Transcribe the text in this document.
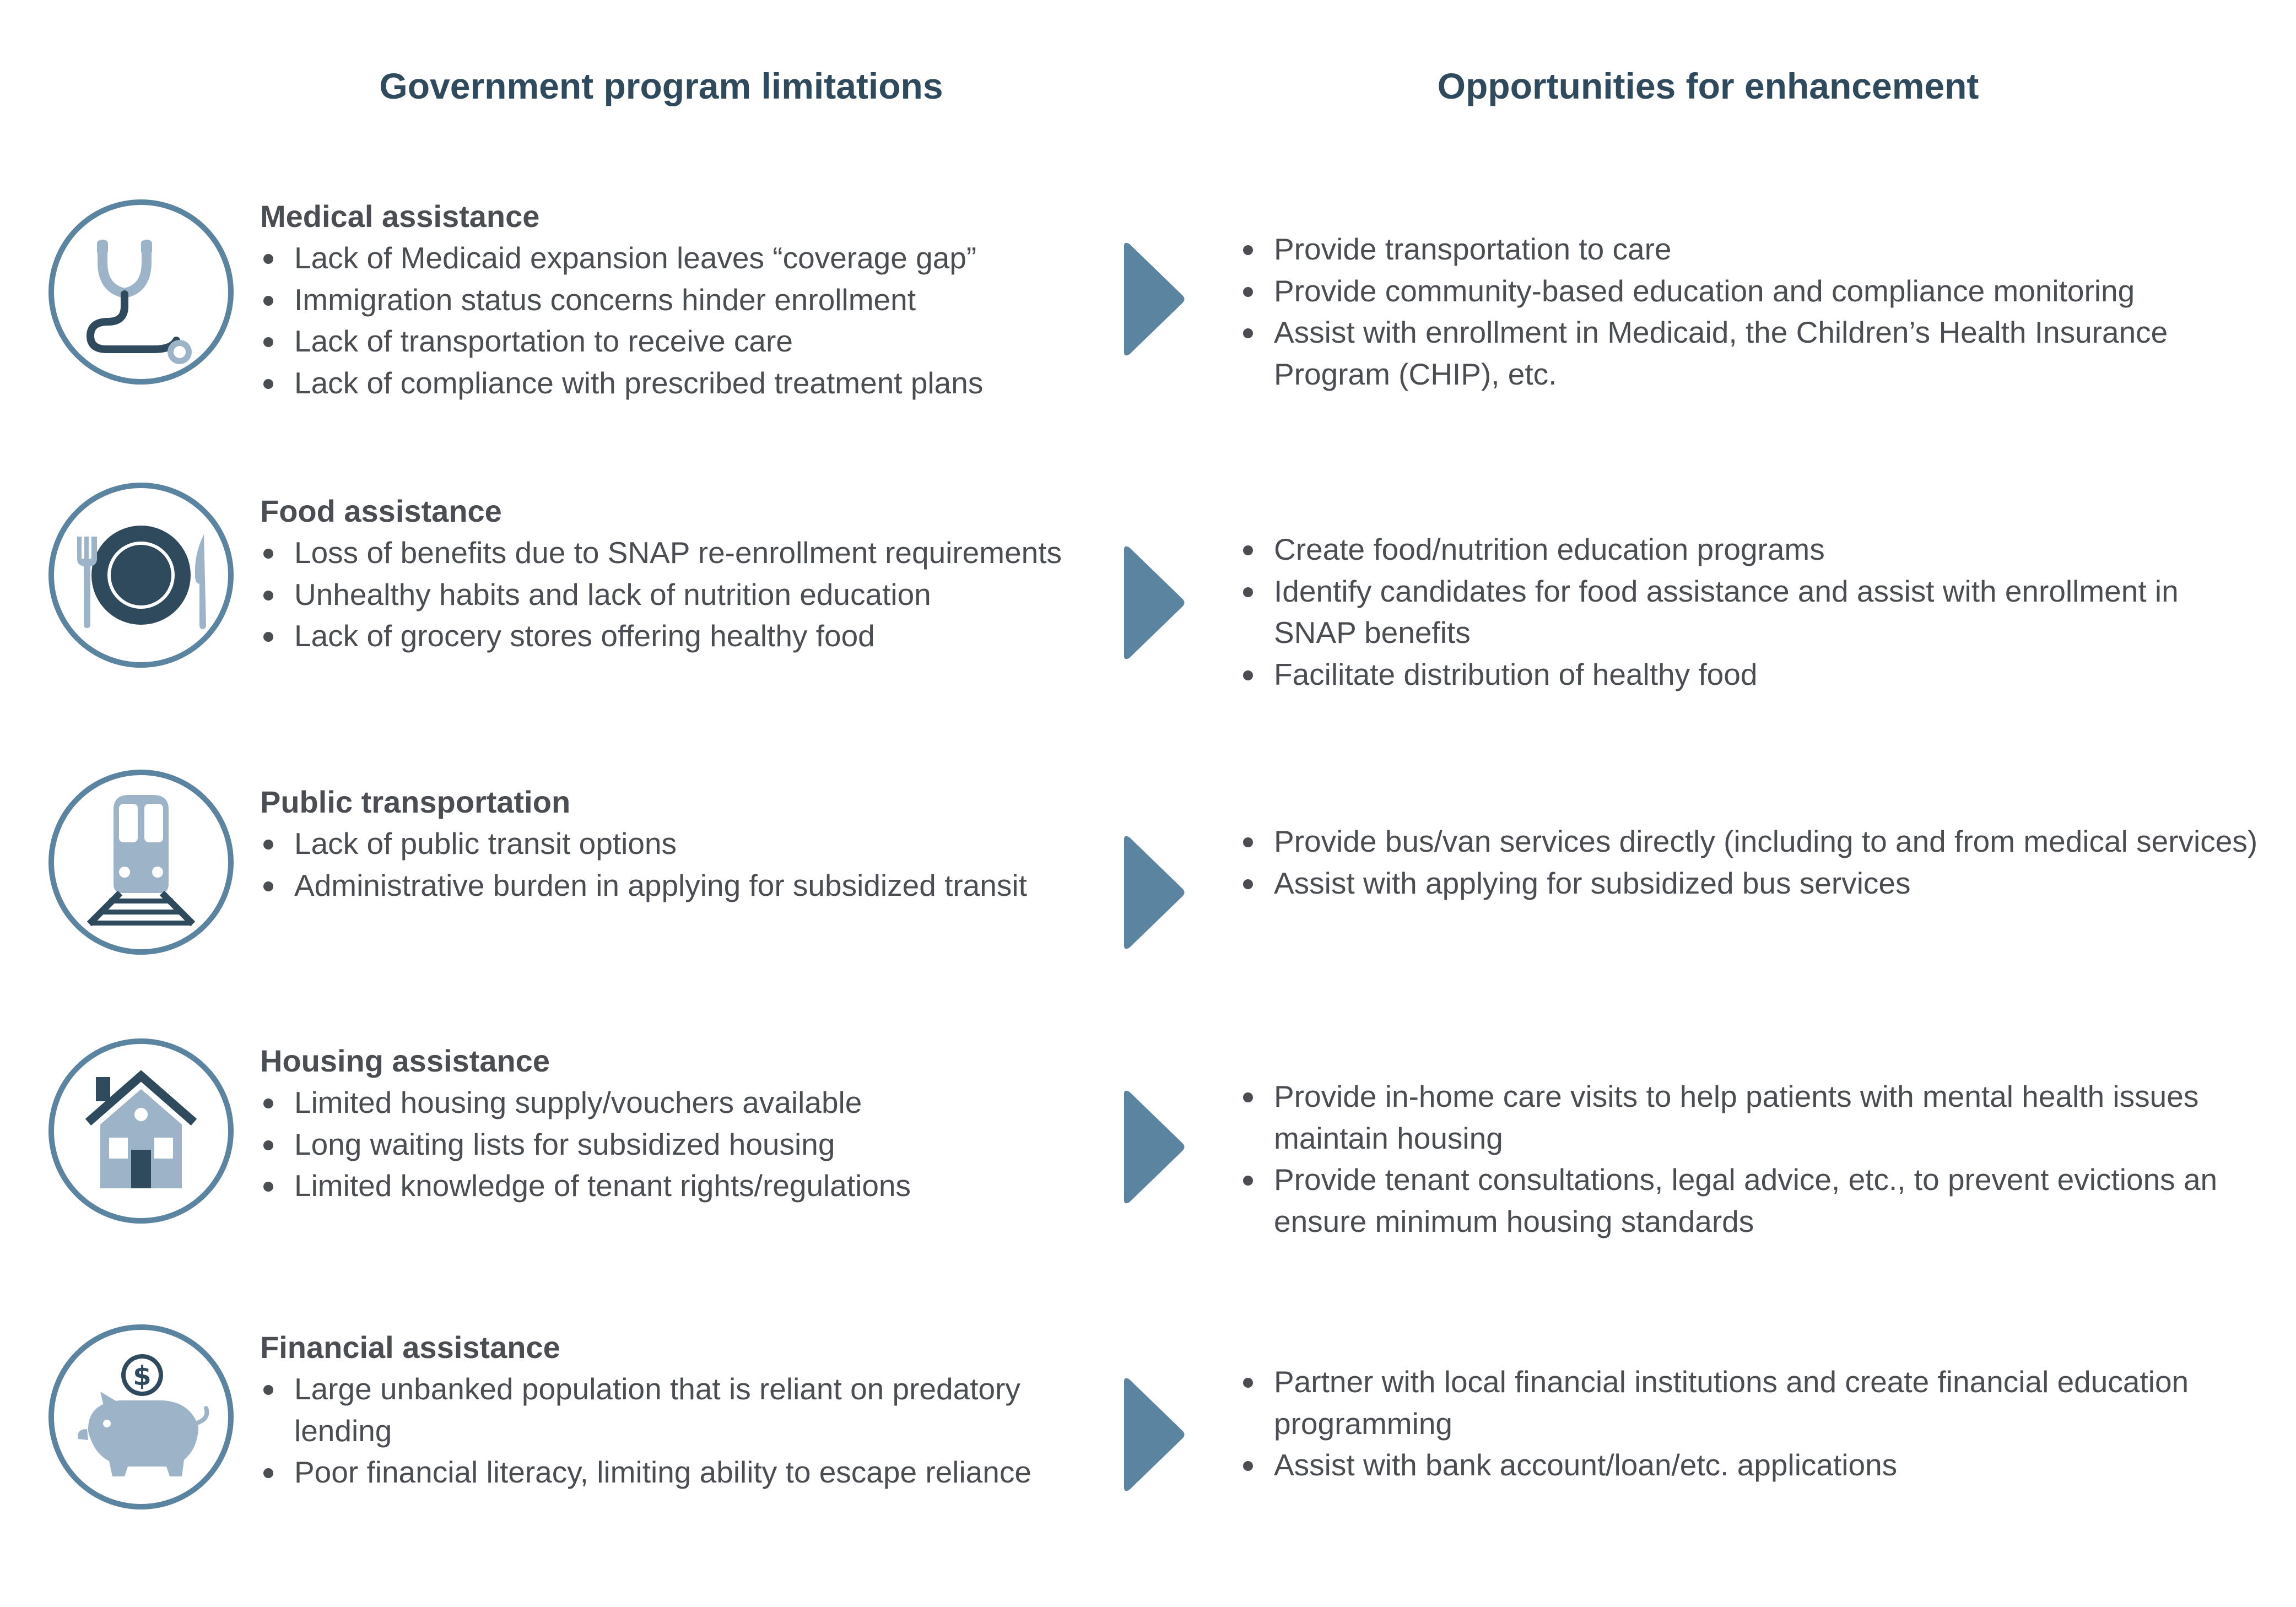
Government program limitations	Opportunities for enhancement

Medical assistance

Lack of Medicaid expansion leaves “coverage gap”
Immigration status concerns hinder enrollment
Lack of transportation to receive care
Lack of compliance with prescribed treatment plans
Provide transportation to care
Provide community-based education and compliance monitoring
Assist with enrollment in Medicaid, the Children’s Health Insurance Program (CHIP), etc.

Food assistance

Loss of benefits due to SNAP re-enrollment requirements
Unhealthy habits and lack of nutrition education
Lack of grocery stores offering healthy food
Create food/nutrition education programs
Identify candidates for food assistance and assist with enrollment in SNAP benefits
Facilitate distribution of healthy food

Public transportation

Lack of public transit options
Administrative burden in applying for subsidized transit
Provide bus/van services directly (including to and from medical services)
Assist with applying for subsidized bus services

Housing assistance

Limited housing supply/vouchers available
Long waiting lists for subsidized housing
Limited knowledge of tenant rights/regulations
Provide in-home care visits to help patients with mental health issues maintain housing
Provide tenant consultations, legal advice, etc., to prevent evictions an ensure minimum housing standards
$

Financial assistance

Large unbanked population that is reliant on predatory lending
Poor financial literacy, limiting ability to escape reliance
Partner with local financial institutions and create financial education programming
Assist with bank account/loan/etc. applications
